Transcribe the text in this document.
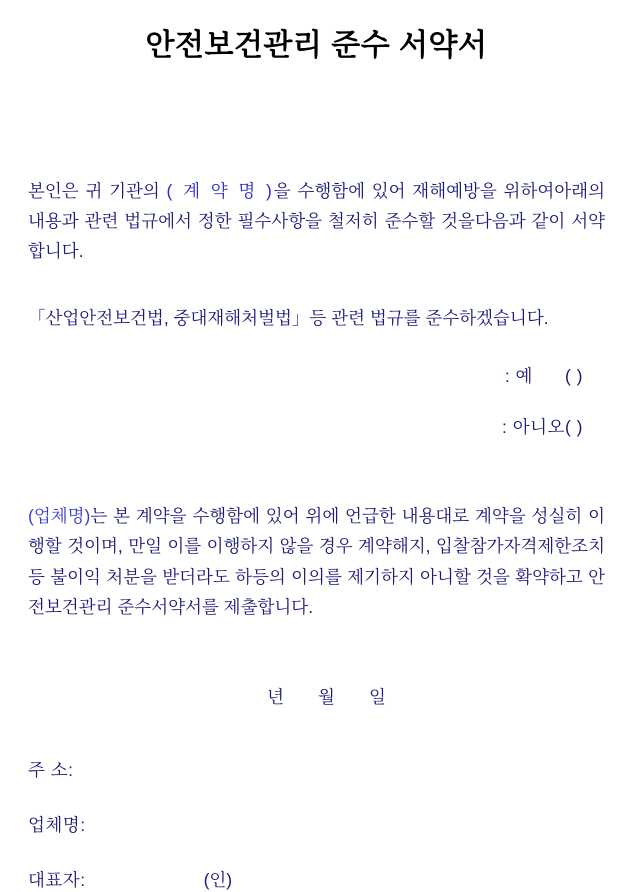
안전보건관리 준수 서약서

본인은 귀 기관의 ( 계 약 명 )을 수행함에 있어 재해예방을 위하여아래의 내용과 관련 법규에서 정한 필수사항을 철저히 준수할 것을다음과 같이 서약합니다.

「산업안전보건법, 중대재해처벌법」등 관련 법규를 준수하겠습니다.

: 예 ( )
: 아니오( )

(업체명)는 본 계약을 수행함에 있어 위에 언급한 내용대로 계약을 성실히 이행할 것이며, 만일 이를 이행하지 않을 경우 계약해지, 입찰참가자격제한조치 등 불이익 처분을 받더라도 하등의 이의를 제기하지 아니할 것을 확약하고 안전보건관리 준수서약서를 제출합니다.

년 월 일
주 소:
업체명:
대표자:	(인)
